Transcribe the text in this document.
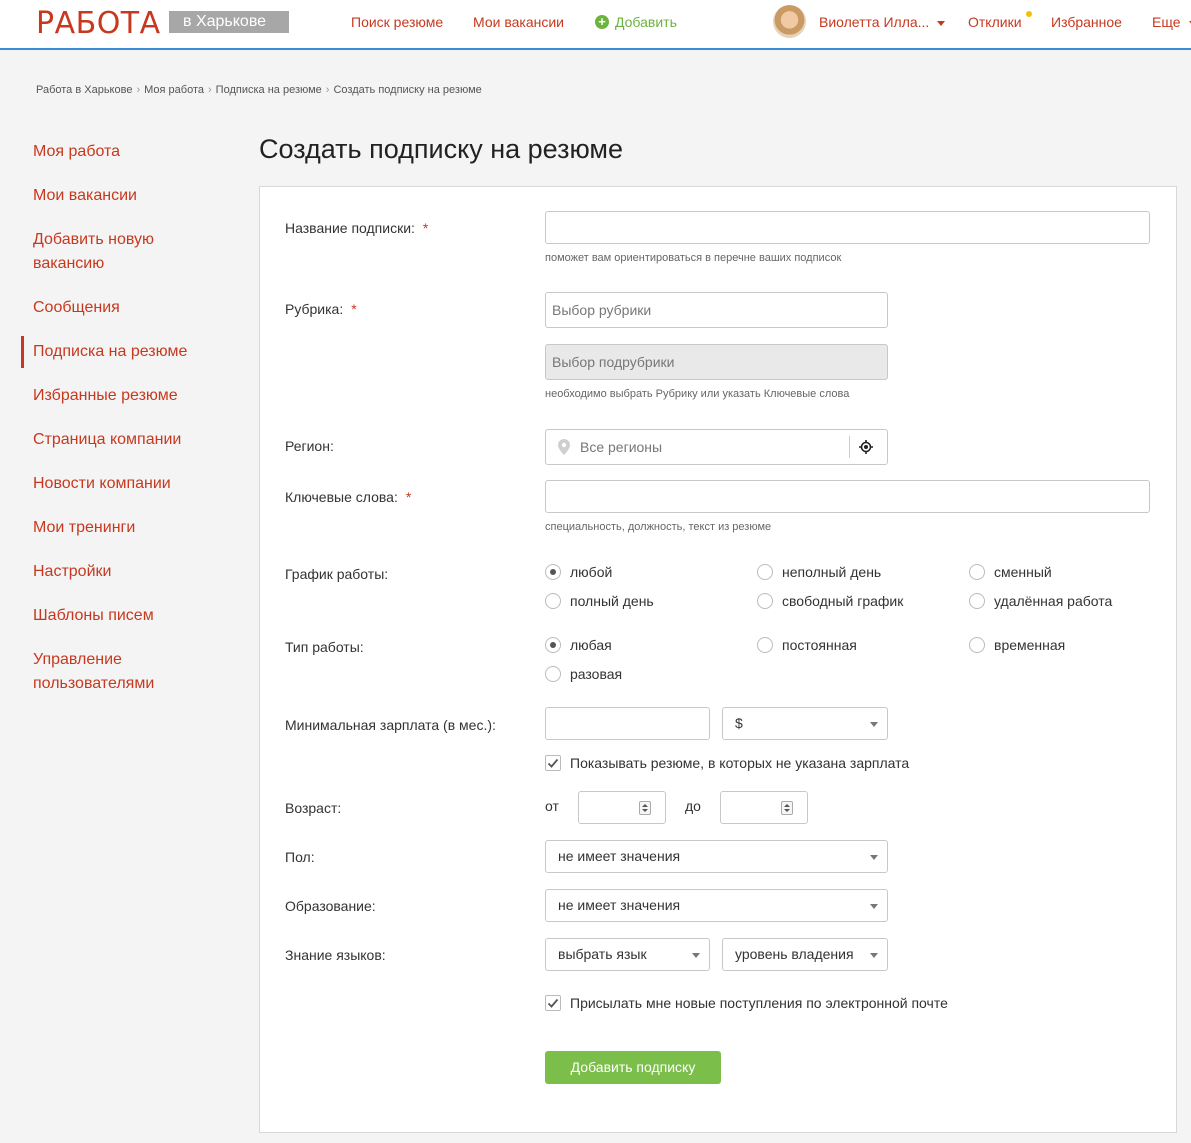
РАБОТА	в Харькове	Поиск резюме Мои вакансии	+ Добавить	Виолетта Илла...	Отклики Избранное Еще
Работа в Харькове › Моя работа › Подписка на резюме › Создать подписку на резюме
Моя работа
Мои вакансии
Добавить новую вакансию
Сообщения
Подписка на резюме
Избранные резюме
Страница компании
Новости компании
Мои тренинги
Настройки
Шаблоны писем
Управление пользователями
Создать подписку на резюме
Название подписки: *
поможет вам ориентироваться в перечне ваших подписок
Рубрика: *	Выбор рубрики
Выбор подрубрики
необходимо выбрать Рубрику или указать Ключевые слова
Регион:	Все регионы
Ключевые слова: *
специальность, должность, текст из резюме
График работы:	любой	неполный день	сменный
полный день	свободный график	удалённая работа
Тип работы:	любая	постоянная	временная
разовая
Минимальная зарплата (в мес.):	$
Показывать резюме, в которых не указана зарплата
Возраст:	от	до
Пол:	не имеет значения
Образование:	не имеет значения
Знание языков:	выбрать язык	уровень владения
Присылать мне новые поступления по электронной почте
Добавить подписку
